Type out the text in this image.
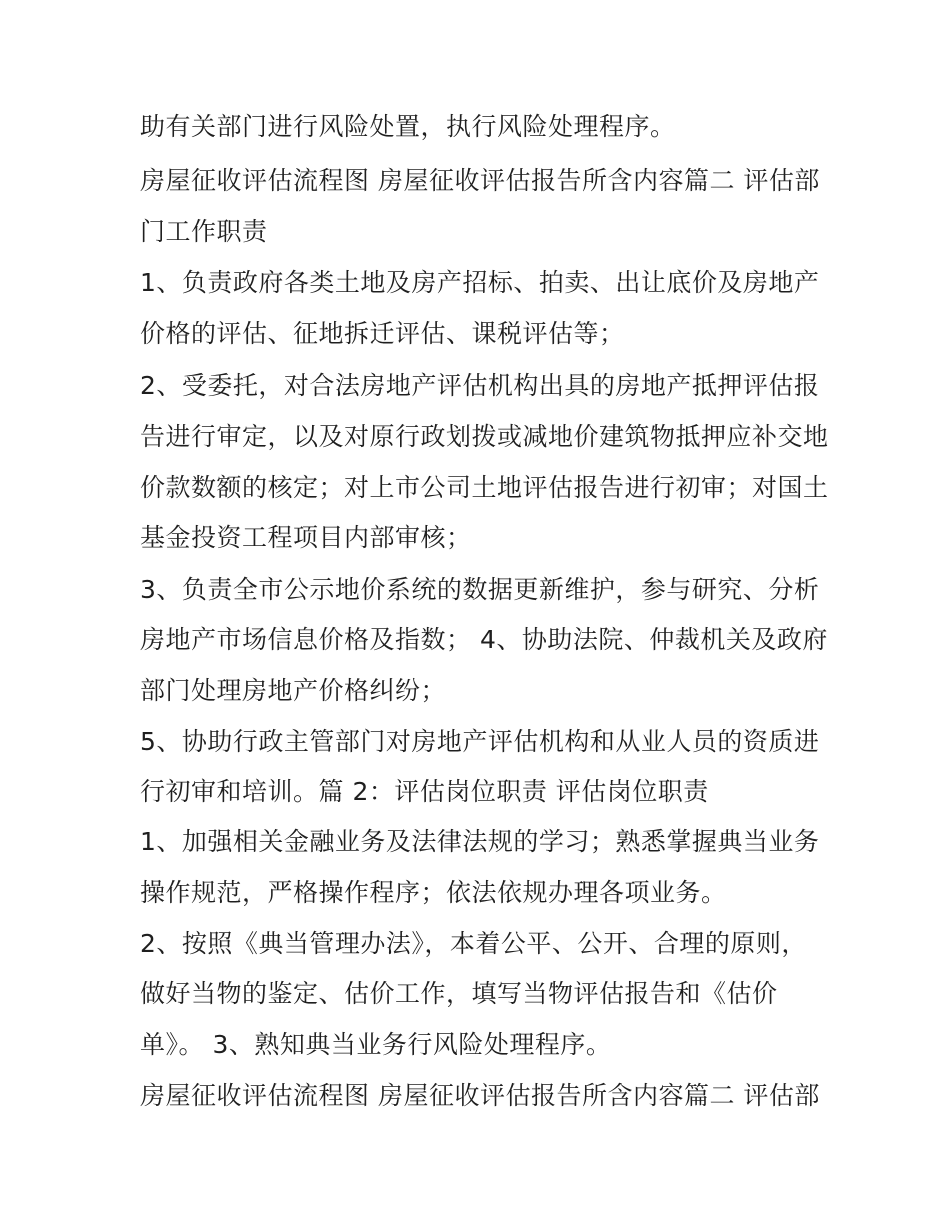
助有关部门进行风险处置，执行风险处理程序。
房屋征收评估流程图 房屋征收评估报告所含内容篇二 评估部
门工作职责
1、负责政府各类土地及房产招标、拍卖、出让底价及房地产
价格的评估、征地拆迁评估、课税评估等；
2、受委托，对合法房地产评估机构出具的房地产抵押评估报
告进行审定，以及对原行政划拨或减地价建筑物抵押应补交地
价款数额的核定；对上市公司土地评估报告进行初审；对国土
基金投资工程项目内部审核；
3、负责全市公示地价系统的数据更新维护，参与研究、分析
房地产市场信息价格及指数； 4、协助法院、仲裁机关及政府
部门处理房地产价格纠纷；
5、协助行政主管部门对房地产评估机构和从业人员的资质进
行初审和培训。篇 2：评估岗位职责 评估岗位职责
1、加强相关金融业务及法律法规的学习；熟悉掌握典当业务
操作规范，严格操作程序；依法依规办理各项业务。
2、按照《典当管理办法》，本着公平、公开、合理的原则，
做好当物的鉴定、估价工作，填写当物评估报告和《估价
单》。 3、熟知典当业务行风险处理程序。
房屋征收评估流程图 房屋征收评估报告所含内容篇二 评估部
